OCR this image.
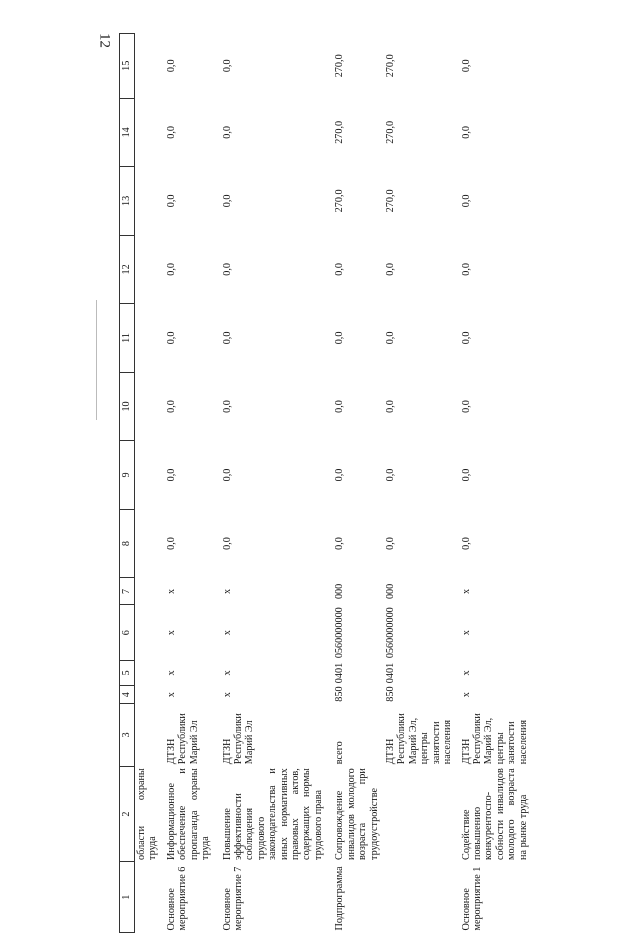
12
1	2	3	4	5	6	7	8	9	10	11	12	13	14	15
	области охраны труда													
Основное мероприятие 6	Информационное обеспечение и пропаганда охраны труда	ДТЗН Республики Марий Эл	х	х	х	х	0,0	0,0	0,0	0,0	0,0	0,0	0,0	0,0
Основное мероприятие 7	Повышение эффективности соблюдения трудового законодательства и иных нормативных правовых актов, содержащих нормы трудового права	ДТЗН Республики Марий Эл	х	х	х	х	0,0	0,0	0,0	0,0	0,0	0,0	0,0	0,0
Подпрограмма	Сопровождение инвалидов молодого возраста при трудоустройстве	всего	850	0401	0560000000	000	0,0	0,0	0,0	0,0	0,0	270,0	270,0	270,0
		ДТЗН Республики Марий Эл, центры занятости населения	850	0401	0560000000	000	0,0	0,0	0,0	0,0	0,0	270,0	270,0	270,0
Основное мероприятие 1	Содействие повышению конкурентоспо-собности инвалидов молодого возраста на рынке труда	ДТЗН Республики Марий Эл, центры занятости населения	х	х	х	х	0,0	0,0	0,0	0,0	0,0	0,0	0,0	0,0
